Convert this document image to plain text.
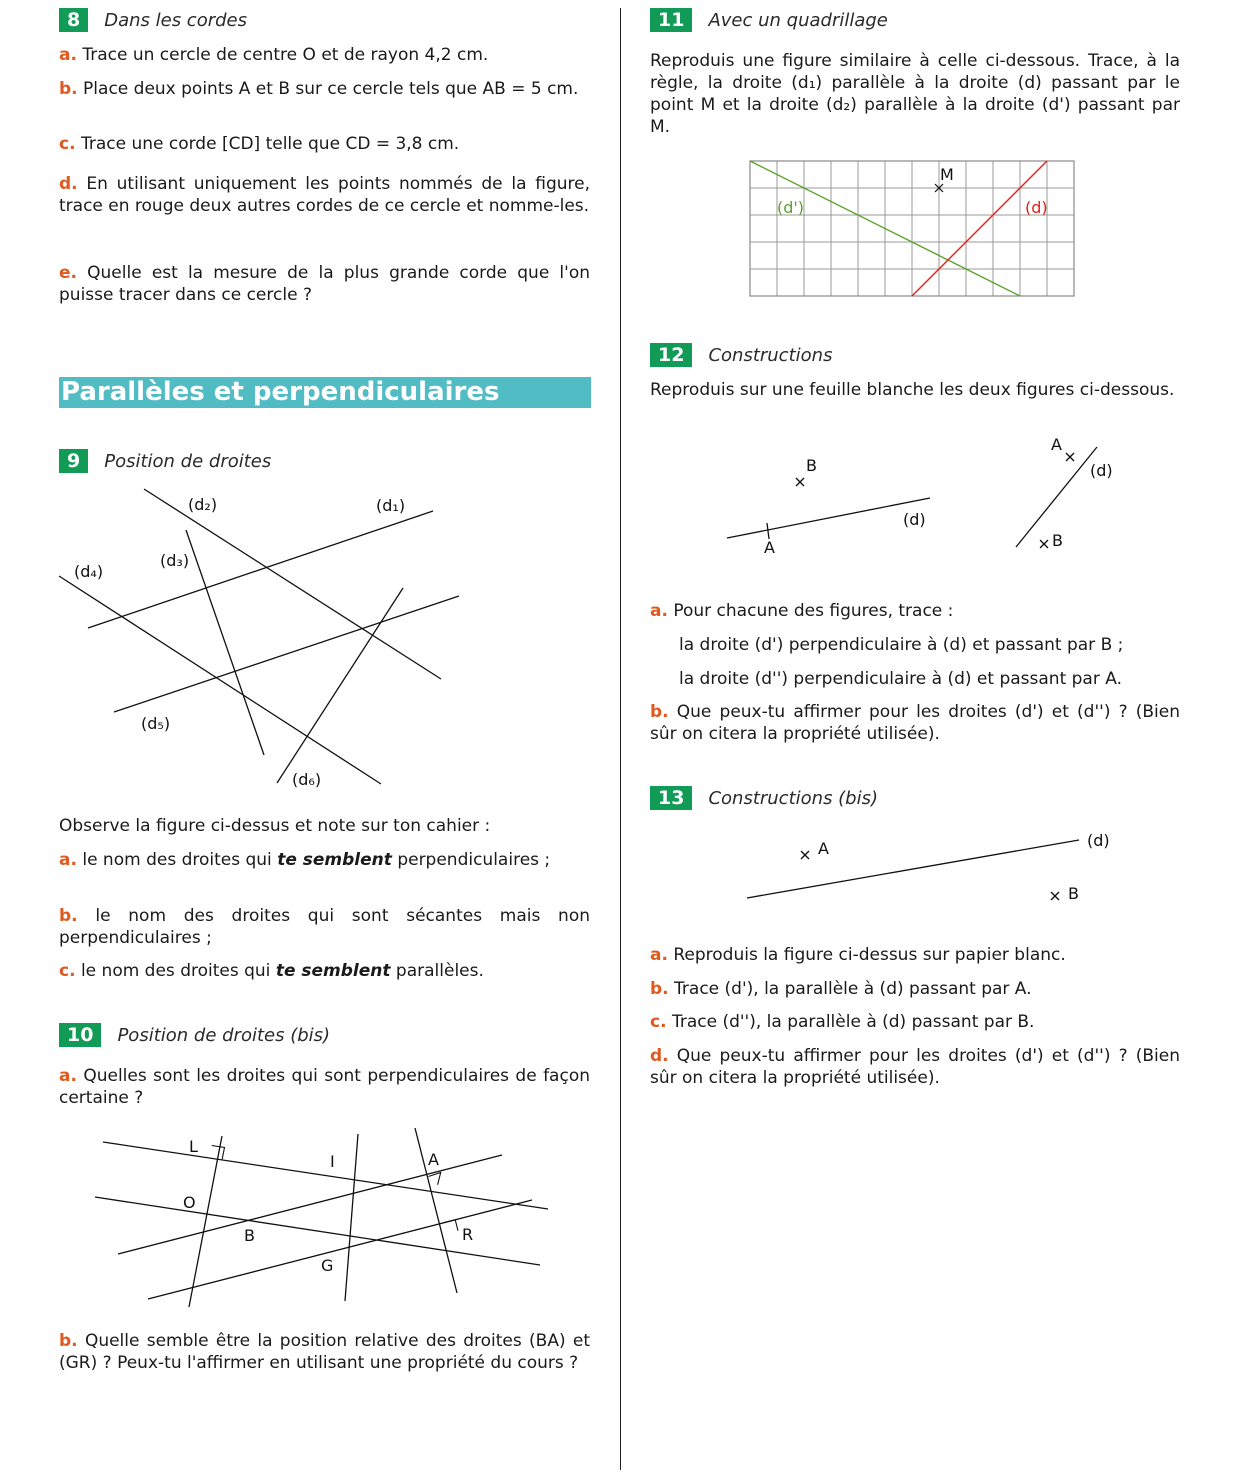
8	Dans les cordes
a. Trace un cercle de centre O et de rayon 4,2 cm.
b. Place deux points A et B sur ce cercle tels que AB = 5 cm.
c. Trace une corde [CD] telle que CD = 3,8 cm.
d. En utilisant uniquement les points nommés de la figure, trace en rouge deux autres cordes de ce cercle et nomme-les.
e. Quelle est la mesure de la plus grande corde que l'on puisse tracer dans ce cercle ?
Parallèles et perpendiculaires
9	Position de droites
(d₂)	(d₁)
(d₃)
(d₄)
(d₅)
(d₆)
Observe la figure ci-dessus et note sur ton cahier :
a. le nom des droites qui te semblent perpendiculaires ;
b. le nom des droites qui sont sécantes mais non perpendiculaires ;
c. le nom des droites qui te semblent parallèles.
10	Position de droites (bis)
a. Quelles sont les droites qui sont perpendiculaires de façon certaine ?
L
I	A
O
B	R
G
b. Quelle semble être la position relative des droites (BA) et (GR) ? Peux-tu l'affirmer en utilisant une propriété du cours ?
11	Avec un quadrillage
Reproduis une figure similaire à celle ci-dessous. Trace, à la règle, la droite (d₁) parallèle à la droite (d) passant par le point M et la droite (d₂) parallèle à la droite (d') passant par M.
M
(d')	(d)
12	Constructions
Reproduis sur une feuille blanche les deux figures ci-dessous.
B
A
(d)
A
(d)
B
a. Pour chacune des figures, trace :
la droite (d') perpendiculaire à (d) et passant par B ;
la droite (d'') perpendiculaire à (d) et passant par A.
b. Que peux-tu affirmer pour les droites (d') et (d'') ? (Bien sûr on citera la propriété utilisée).
13	Constructions (bis)
A	(d)
B
a. Reproduis la figure ci-dessus sur papier blanc.
b. Trace (d'), la parallèle à (d) passant par A.
c. Trace (d''), la parallèle à (d) passant par B.
d. Que peux-tu affirmer pour les droites (d') et (d'') ? (Bien sûr on citera la propriété utilisée).
